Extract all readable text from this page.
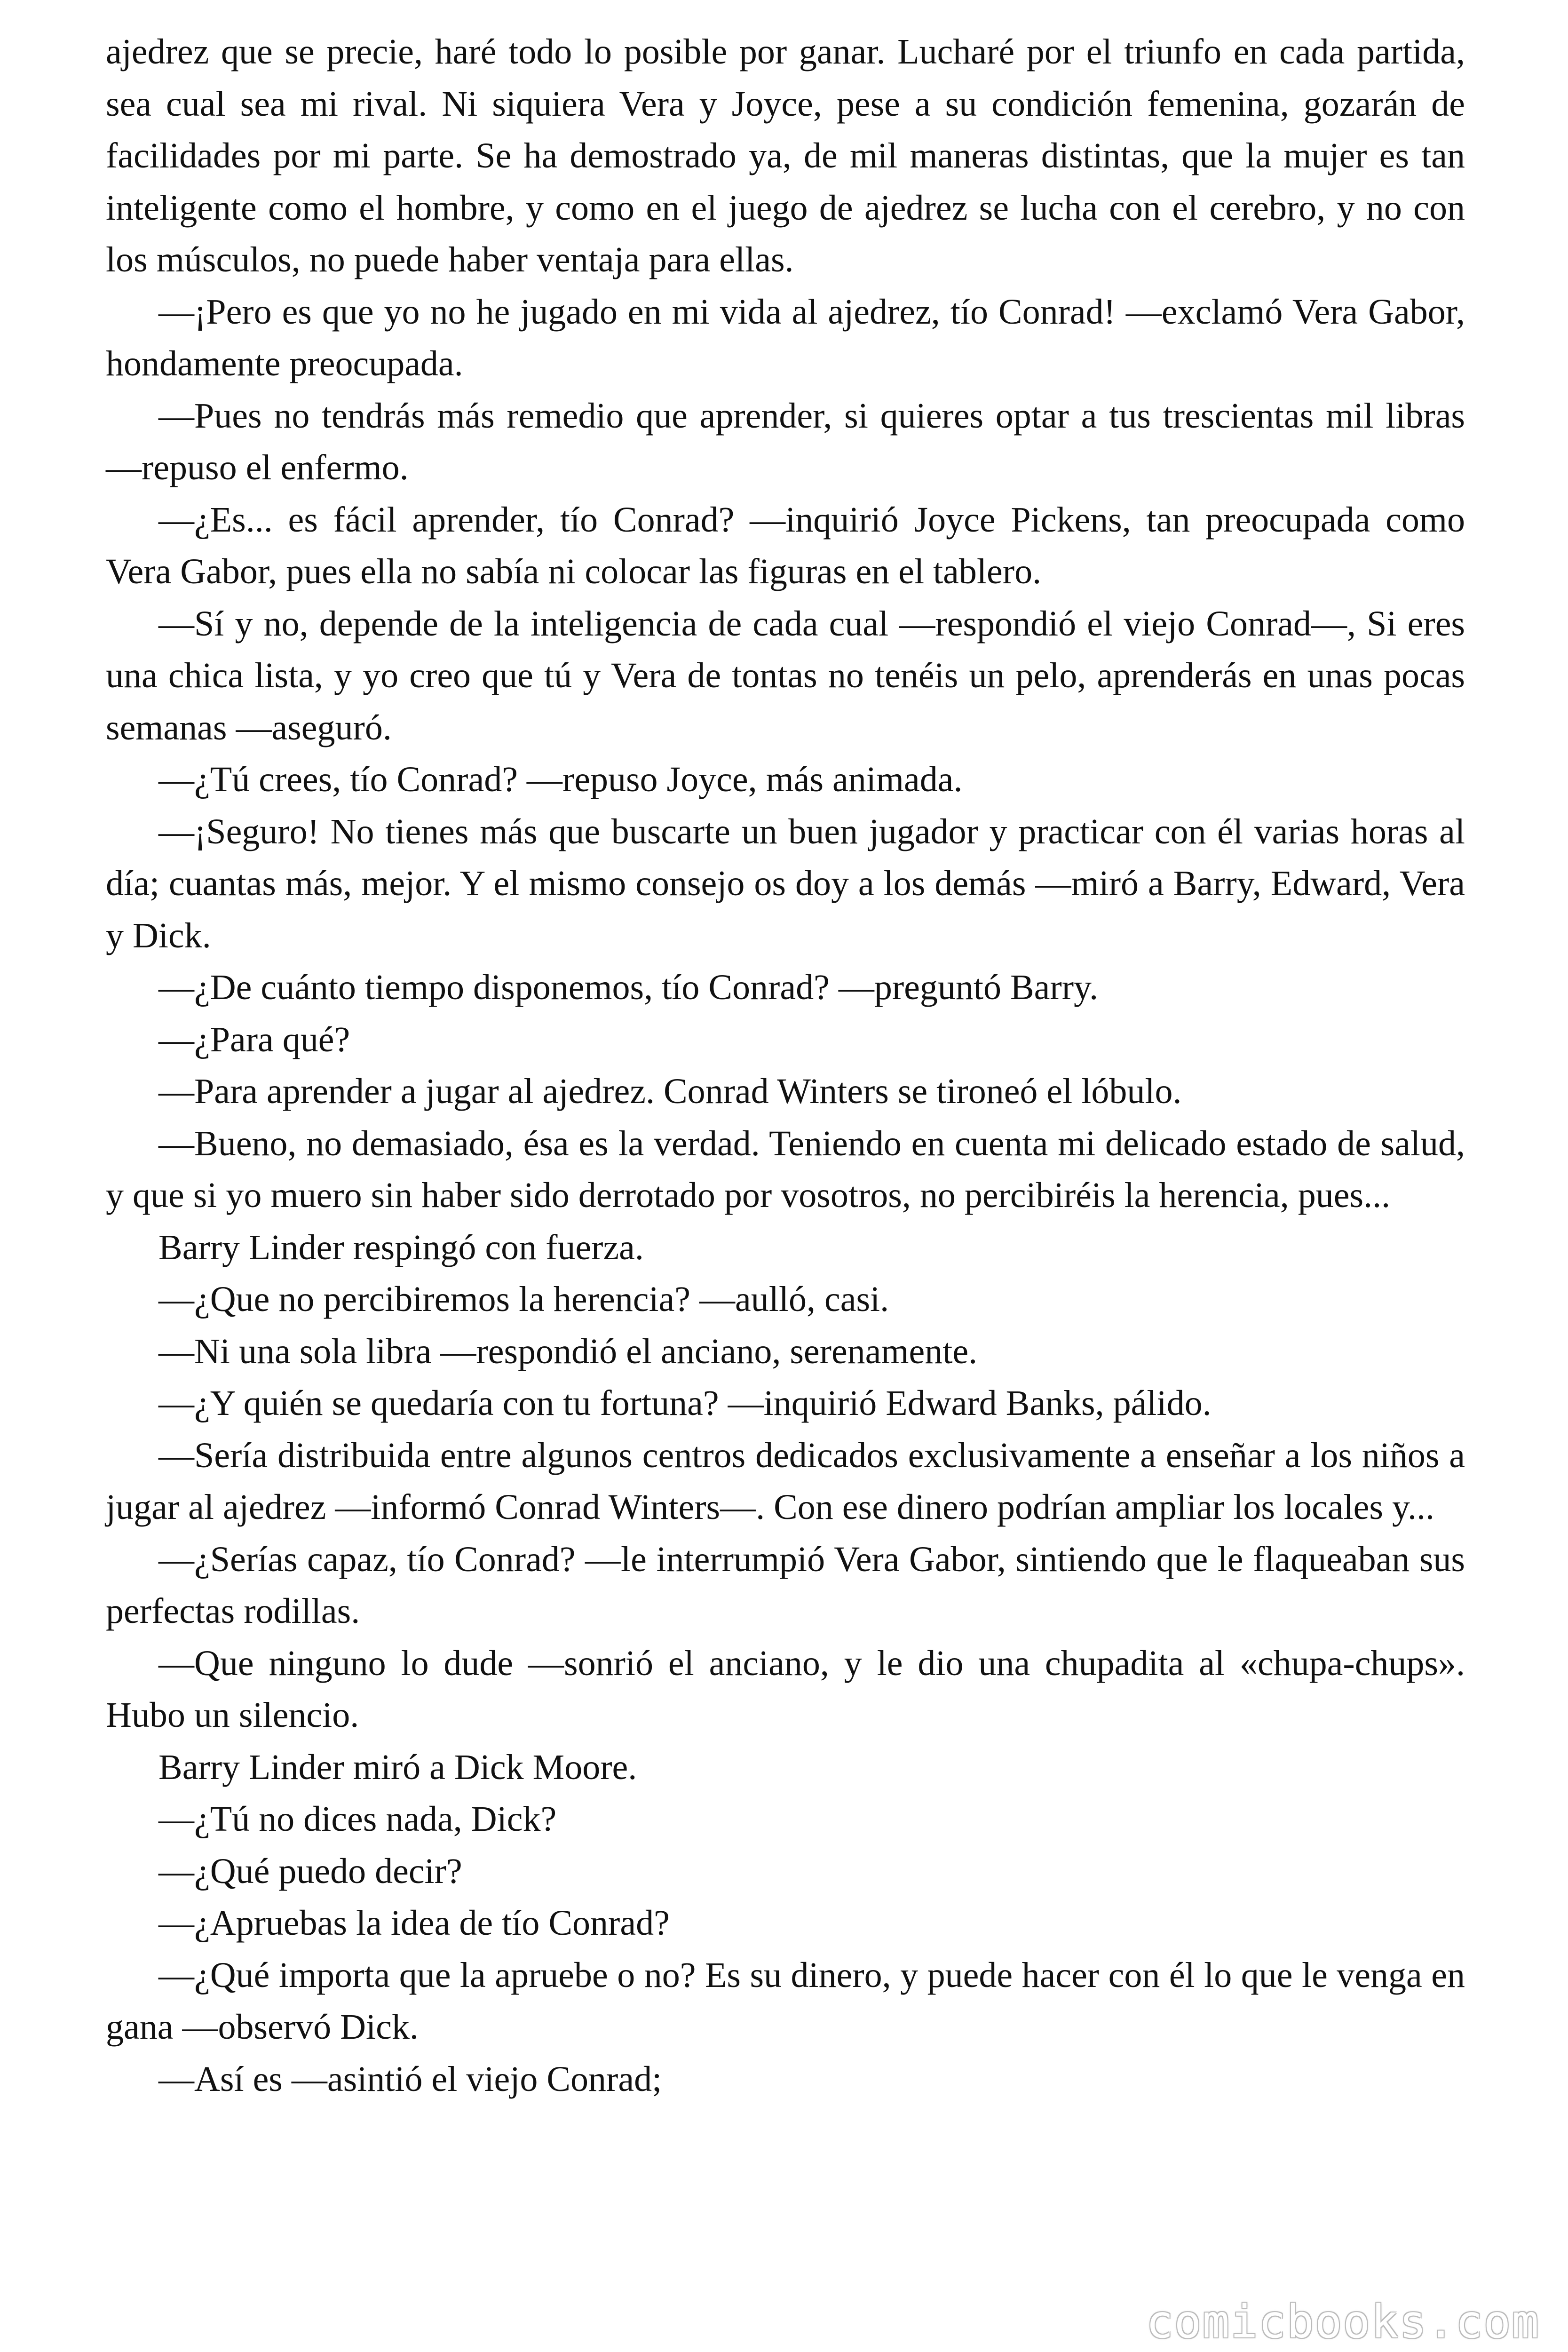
ajedrez que se precie, haré todo lo posible por ganar. Lucharé por el triunfo en cada partida, sea cual sea mi rival. Ni siquiera Vera y Joyce, pese a su condición femenina, gozarán de facilidades por mi parte. Se ha demostrado ya, de mil maneras distintas, que la mujer es tan inteligente como el hombre, y como en el juego de ajedrez se lucha con el cerebro, y no con los músculos, no puede haber ventaja para ellas.

—¡Pero es que yo no he jugado en mi vida al ajedrez, tío Conrad! —exclamó Vera Gabor, hondamente preocupada.

—Pues no tendrás más remedio que aprender, si quieres optar a tus trescientas mil libras —repuso el enfermo.

—¿Es... es fácil aprender, tío Conrad? —inquirió Joyce Pickens, tan preocupada como Vera Gabor, pues ella no sabía ni colocar las figuras en el tablero.

—Sí y no, depende de la inteligencia de cada cual —respondió el viejo Conrad—, Si eres una chica lista, y yo creo que tú y Vera de tontas no tenéis un pelo, aprenderás en unas pocas semanas —aseguró.

—¿Tú crees, tío Conrad? —repuso Joyce, más animada.

—¡Seguro! No tienes más que buscarte un buen jugador y practicar con él varias horas al día; cuantas más, mejor. Y el mismo consejo os doy a los demás —miró a Barry, Edward, Vera y Dick.

—¿De cuánto tiempo disponemos, tío Conrad? —preguntó Barry.

—¿Para qué?

—Para aprender a jugar al ajedrez. Conrad Winters se tironeó el lóbulo.

—Bueno, no demasiado, ésa es la verdad. Teniendo en cuenta mi delicado estado de salud, y que si yo muero sin haber sido derrotado por vosotros, no percibiréis la herencia, pues...

Barry Linder respingó con fuerza.

—¿Que no percibiremos la herencia? —aulló, casi.

—Ni una sola libra —respondió el anciano, serenamente.

—¿Y quién se quedaría con tu fortuna? —inquirió Edward Banks, pálido.

—Sería distribuida entre algunos centros dedicados exclusivamente a enseñar a los niños a jugar al ajedrez —informó Conrad Winters—. Con ese dinero podrían ampliar los locales y...

—¿Serías capaz, tío Conrad? —le interrumpió Vera Gabor, sintiendo que le flaqueaban sus perfectas rodillas.

—Que ninguno lo dude —sonrió el anciano, y le dio una chupadita al «chupa-chups». Hubo un silencio.

Barry Linder miró a Dick Moore.

—¿Tú no dices nada, Dick?

—¿Qué puedo decir?

—¿Apruebas la idea de tío Conrad?

—¿Qué importa que la apruebe o no? Es su dinero, y puede hacer con él lo que le venga en gana —observó Dick.

—Así es —asintió el viejo Conrad;

comicbooks.com
